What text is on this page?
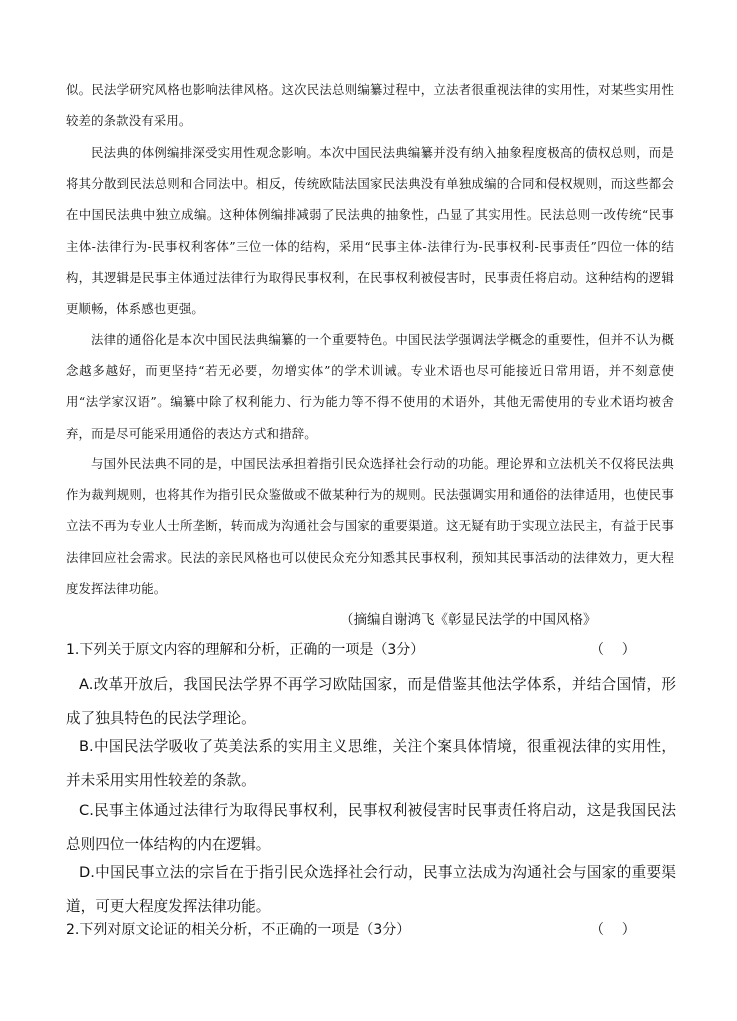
似。民法学研究风格也影响法律风格。这次民法总则编纂过程中，立法者很重视法律的实用性，对某些实用性较差的条款没有采用。
民法典的体例编排深受实用性观念影响。本次中国民法典编纂并没有纳入抽象程度极高的债权总则，而是将其分散到民法总则和合同法中。相反，传统欧陆法国家民法典没有单独成编的合同和侵权规则，而这些都会在中国民法典中独立成编。这种体例编排减弱了民法典的抽象性，凸显了其实用性。民法总则一改传统“民事主体-法律行为-民事权利客体”三位一体的结构，采用“民事主体-法律行为-民事权利-民事责任”四位一体的结构，其逻辑是民事主体通过法律行为取得民事权利，在民事权利被侵害时，民事责任将启动。这种结构的逻辑更顺畅，体系感也更强。
法律的通俗化是本次中国民法典编纂的一个重要特色。中国民法学强调法学概念的重要性，但并不认为概念越多越好，而更坚持“若无必要，勿增实体”的学术训诫。专业术语也尽可能接近日常用语，并不刻意使用“法学家汉语”。编纂中除了权利能力、行为能力等不得不使用的术语外，其他无需使用的专业术语均被舍弃，而是尽可能采用通俗的表达方式和措辞。
与国外民法典不同的是，中国民法承担着指引民众选择社会行动的功能。理论界和立法机关不仅将民法典作为裁判规则，也将其作为指引民众鉴做或不做某种行为的规则。民法强调实用和通俗的法律适用，也使民事立法不再为专业人士所垄断，转而成为沟通社会与国家的重要渠道。这无疑有助于实现立法民主，有益于民事法律回应社会需求。民法的亲民风格也可以使民众充分知悉其民事权利，预知其民事活动的法律效力，更大程度发挥法律功能。
（摘编自谢鸿飞《彰显民法学的中国风格》
1.下列关于原文内容的理解和分析，正确的一项是（3分）	（    ）
A.改革开放后，我国民法学界不再学习欧陆国家，而是借鉴其他法学体系，并结合国情，形成了独具特色的民法学理论。
B.中国民法学吸收了英美法系的实用主义思维，关注个案具体情境，很重视法律的实用性，并未采用实用性较差的条款。
C.民事主体通过法律行为取得民事权利，民事权利被侵害时民事责任将启动，这是我国民法总则四位一体结构的内在逻辑。
D.中国民事立法的宗旨在于指引民众选择社会行动，民事立法成为沟通社会与国家的重要渠道，可更大程度发挥法律功能。
2.下列对原文论证的相关分析，不正确的一项是（3分）	（    ）
